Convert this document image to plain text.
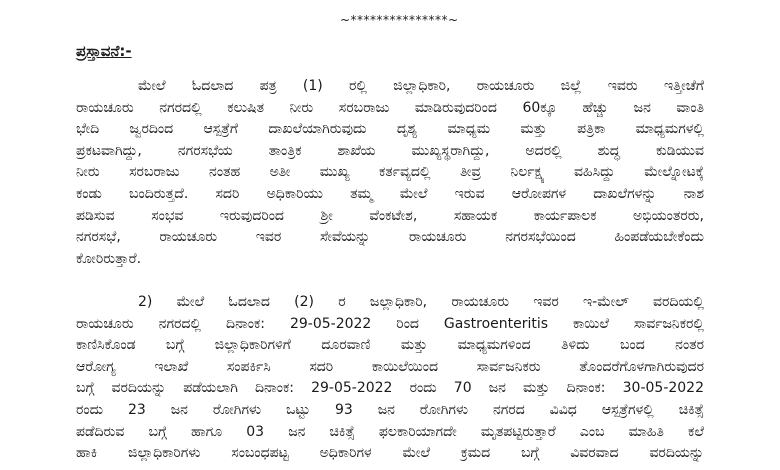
~***************~
ಪ್ರಸ್ತಾವನೆ:-
ಮೇಲೆ ಓದಲಾದ ಪತ್ರ (1) ರಲ್ಲಿ ಜಿಲ್ಲಾಧಿಕಾರಿ, ರಾಯಚೂರು ಜಿಲ್ಲೆ ಇವರು ಇತ್ತೀಚೆಗೆ
ರಾಯಚೂರು ನಗರದಲ್ಲಿ ಕಲುಷಿತ ನೀರು ಸರಬರಾಜು ಮಾಡಿರುವುದರಿಂದ 60ಕ್ಕೂ ಹೆಚ್ಚು ಜನ ವಾಂತಿ
ಭೇದಿ ಜ್ವರದಿಂದ ಆಸ್ಪತ್ರೆಗೆ ದಾಖಲೆಯಾಗಿರುವುದು ದೃಶ್ಯ ಮಾಧ್ಯಮ ಮತ್ತು ಪತ್ರಿಕಾ ಮಾಧ್ಯಮಗಳಲ್ಲಿ
ಪ್ರಕಟವಾಗಿದ್ದು, ನಗರಸಭೆಯ ತಾಂತ್ರಿಕ ಶಾಖೆಯ ಮುಖ್ಯಸ್ಥರಾಗಿದ್ದು, ಅದರಲ್ಲಿ ಶುದ್ಧ ಕುಡಿಯುವ
ನೀರು ಸರಬರಾಜು ನಂತಹ ಅತೀ ಮುಖ್ಯ ಕರ್ತವ್ಯದಲ್ಲಿ ತೀವ್ರ ನಿರ್ಲಕ್ಷ್ಯ ವಹಿಸಿದ್ದು ಮೇಲ್ನೋಟಕ್ಕೆ
ಕಂಡು ಬಂದಿರುತ್ತದೆ. ಸದರಿ ಅಧಿಕಾರಿಯು ತಮ್ಮ ಮೇಲೆ ಇರುವ ಆರೋಪಗಳ ದಾಖಲೆಗಳನ್ನು ನಾಶ
ಪಡಿಸುವ ಸಂಭವ ಇರುವುದರಿಂದ ಶ್ರೀ ವೆಂಕಟೇಶ, ಸಹಾಯಕ ಕಾರ್ಯಪಾಲಕ ಅಭಿಯಂತರರು,
ನಗರಸಭೆ, ರಾಯಚೂರು ಇವರ ಸೇವೆಯನ್ನು ರಾಯಚೂರು ನಗರಸಭೆಯಿಂದ ಹಿಂಪಡೆಯಬೇಕೆಂದು
ಕೋರಿರುತ್ತಾರೆ.
2) ಮೇಲೆ ಓದಲಾದ (2) ರ ಜಲ್ಲಾಧಿಕಾರಿ, ರಾಯಚೂರು ಇವರ ಇ-ಮೇಲ್ ವರದಿಯಲ್ಲಿ
ರಾಯಚೂರು ನಗರದಲ್ಲಿ ದಿನಾಂಕ: 29-05-2022 ರಿಂದ Gastroenteritis ಕಾಯಿಲೆ ಸಾರ್ವಜನಿಕರಲ್ಲಿ
ಕಾಣಿಸಿಕೊಂಡ ಬಗ್ಗೆ ಜಿಲ್ಲಾಧಿಕಾರಿಗಳಿಗೆ ದೂರವಾಣಿ ಮತ್ತು ಮಾಧ್ಯಮಗಳಿಂದ ತಿಳಿದು ಬಂದ ನಂತರ
ಆರೋಗ್ಯ ಇಲಾಖೆ ಸಂಪರ್ಕಿಸಿ ಸದರಿ ಕಾಯಿಲೆಯಿಂದ ಸಾರ್ವಜನಿಕರು ತೊಂದರೆಗೊಳಗಾಗಿರುವುದರ
ಬಗ್ಗೆ ವರದಿಯನ್ನು ಪಡೆಯಲಾಗಿ ದಿನಾಂಕ: 29-05-2022 ರಂದು 70 ಜನ ಮತ್ತು ದಿನಾಂಕ: 30-05-2022
ರಂದು 23 ಜನ ರೋಗಿಗಳು ಒಟ್ಟು 93 ಜನ ರೋಗಿಗಳು ನಗರದ ವಿವಿಧ ಆಸ್ಪತ್ರೆಗಳಲ್ಲಿ ಚಿಕಿತ್ಸೆ
ಪಡೆದಿರುವ ಬಗ್ಗೆ ಹಾಗೂ 03 ಜನ ಚಿಕಿತ್ಸೆ ಫಲಕಾರಿಯಾಗದೇ ಮೃತಪಟ್ಟಿರುತ್ತಾರೆ ಎಂಬ ಮಾಹಿತಿ ಕಲೆ
ಹಾಕಿ ಜಿಲ್ಲಾಧಿಕಾರಿಗಳು ಸಂಬಂಧಪಟ್ಟ ಅಧಿಕಾರಿಗಳ ಮೇಲೆ ಕ್ರಮದ ಬಗ್ಗೆ ವಿವರವಾದ ವರದಿಯನ್ನು
